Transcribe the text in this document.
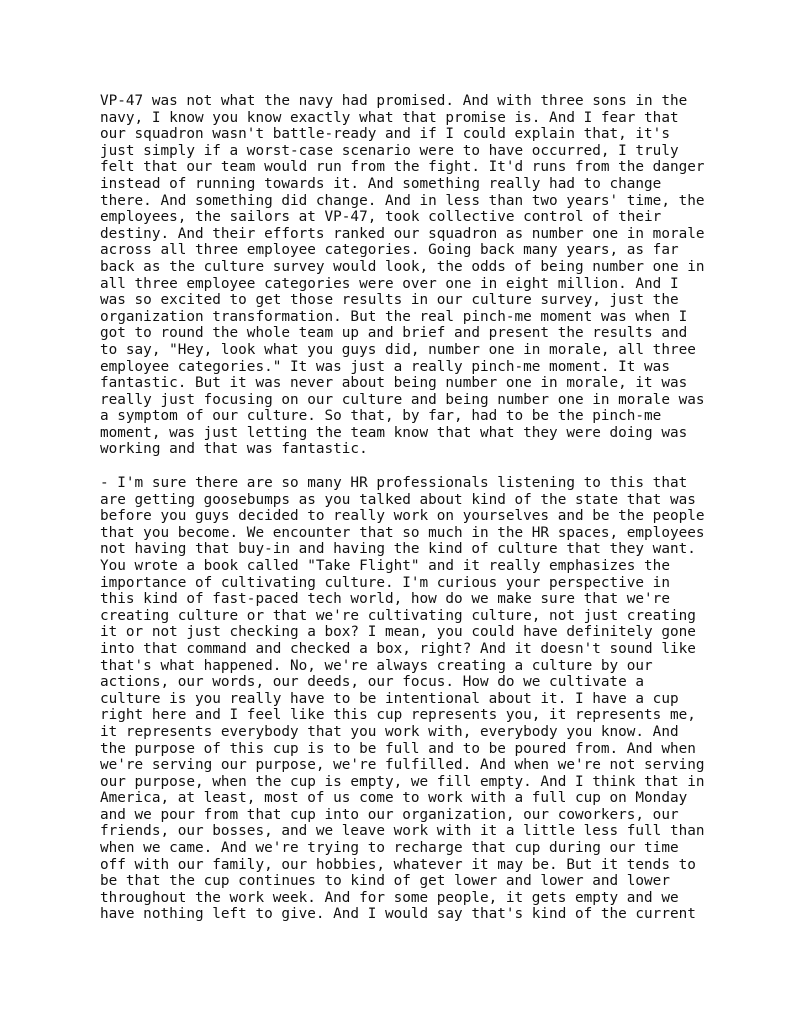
VP-47 was not what the navy had promised. And with three sons in the
navy, I know you know exactly what that promise is. And I fear that
our squadron wasn't battle-ready and if I could explain that, it's
just simply if a worst-case scenario were to have occurred, I truly
felt that our team would run from the fight. It'd runs from the danger
instead of running towards it. And something really had to change
there. And something did change. And in less than two years' time, the
employees, the sailors at VP-47, took collective control of their
destiny. And their efforts ranked our squadron as number one in morale
across all three employee categories. Going back many years, as far
back as the culture survey would look, the odds of being number one in
all three employee categories were over one in eight million. And I
was so excited to get those results in our culture survey, just the
organization transformation. But the real pinch-me moment was when I
got to round the whole team up and brief and present the results and
to say, "Hey, look what you guys did, number one in morale, all three
employee categories." It was just a really pinch-me moment. It was
fantastic. But it was never about being number one in morale, it was
really just focusing on our culture and being number one in morale was
a symptom of our culture. So that, by far, had to be the pinch-me
moment, was just letting the team know that what they were doing was
working and that was fantastic.
- I'm sure there are so many HR professionals listening to this that
are getting goosebumps as you talked about kind of the state that was
before you guys decided to really work on yourselves and be the people
that you become. We encounter that so much in the HR spaces, employees
not having that buy-in and having the kind of culture that they want.
You wrote a book called "Take Flight" and it really emphasizes the
importance of cultivating culture. I'm curious your perspective in
this kind of fast-paced tech world, how do we make sure that we're
creating culture or that we're cultivating culture, not just creating
it or not just checking a box? I mean, you could have definitely gone
into that command and checked a box, right? And it doesn't sound like
that's what happened. No, we're always creating a culture by our
actions, our words, our deeds, our focus. How do we cultivate a
culture is you really have to be intentional about it. I have a cup
right here and I feel like this cup represents you, it represents me,
it represents everybody that you work with, everybody you know. And
the purpose of this cup is to be full and to be poured from. And when
we're serving our purpose, we're fulfilled. And when we're not serving
our purpose, when the cup is empty, we fill empty. And I think that in
America, at least, most of us come to work with a full cup on Monday
and we pour from that cup into our organization, our coworkers, our
friends, our bosses, and we leave work with it a little less full than
when we came. And we're trying to recharge that cup during our time
off with our family, our hobbies, whatever it may be. But it tends to
be that the cup continues to kind of get lower and lower and lower
throughout the work week. And for some people, it gets empty and we
have nothing left to give. And I would say that's kind of the current
